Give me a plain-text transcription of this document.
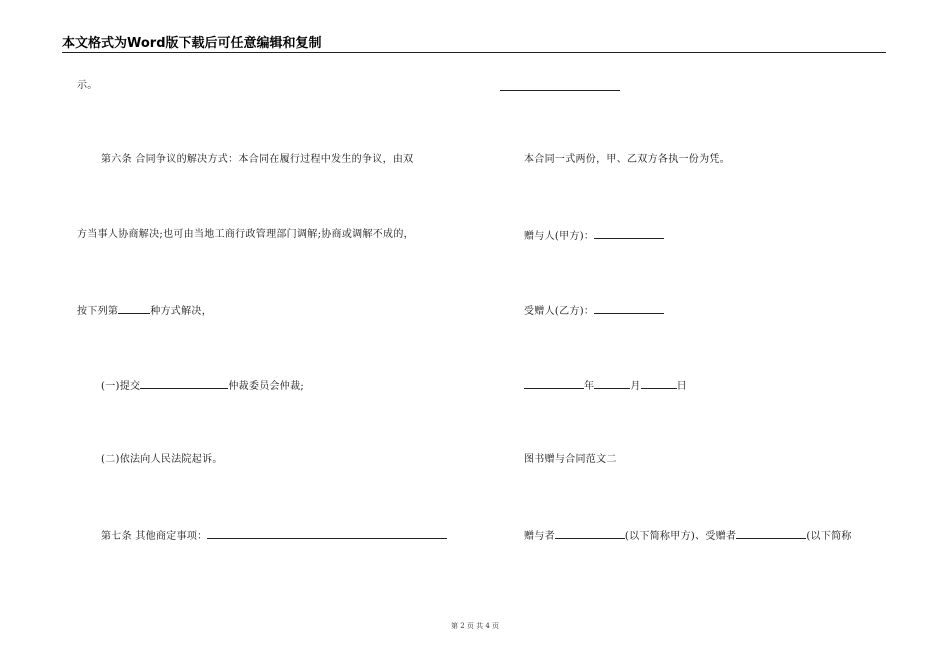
本文格式为Word版下载后可任意编辑和复制
示。
第六条 合同争议的解决方式：本合同在履行过程中发生的争议，由双
方当事人协商解决;也可由当地工商行政管理部门调解;协商或调解不成的，
按下列第	种方式解决，
(一)提交	仲裁委员会仲裁;
(二)依法向人民法院起诉。
第七条 其他商定事项：
本合同一式两份，甲、乙双方各执一份为凭。
赠与人(甲方)：
受赠人(乙方)：
年	月	日
图书赠与合同范文二
赠与者	(以下简称甲方)、受赠者	(以下简称
第 2 页 共 4 页
